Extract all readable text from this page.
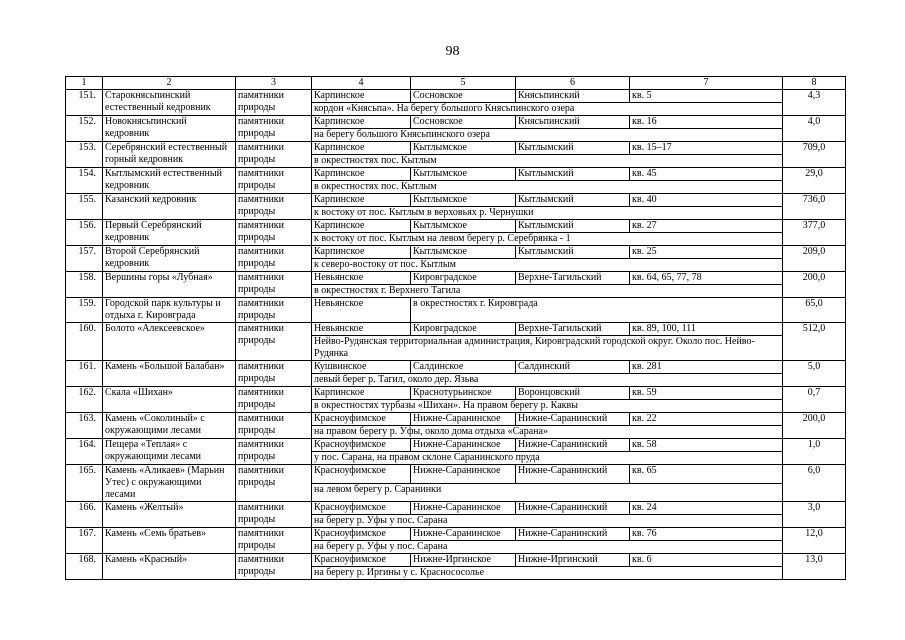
98
1	2	3	4	5	6	7	8
151.	Старокнясьпинский естественный кедровник	памятники природы	Карпинское	Сосновское	Княсьпинский	кв. 5	4,3
			кордон «Княсьпа». На берегу большого Княсьпинского озера				
152.	Новокнясьпинский кедровник	памятники природы	Карпинское	Сосновское	Княсьпинский	кв. 16	4,0
			на берегу большого Княсьпинского озера				
153.	Серебрянский естественный горный кедровник	памятники природы	Карпинское	Кытлымское	Кытлымский	кв. 15–17	709,0
			в окрестностях пос. Кытлым				
154.	Кытлымский естественный кедровник	памятники природы	Карпинское	Кытлымское	Кытлымский	кв. 45	29,0
			в окрестностях пос. Кытлым				
155.	Казанский кедровник	памятники природы	Карпинское	Кытлымское	Кытлымский	кв. 40	736,0
			к востоку от пос. Кытлым в верховьях р. Чернушки				
156.	Первый Серебрянский кедровник	памятники природы	Карпинское	Кытлымское	Кытлымский	кв. 27	377,0
			к востоку от пос. Кытлым на левом берегу р. Серебрянка - 1				
157.	Второй Серебрянский кедровник	памятники природы	Карпинское	Кытлымское	Кытлымский	кв. 25	209,0
			к северо-востоку от пос. Кытлым				
158.	Вершины горы «Лубная»	памятники природы	Невьянское	Кировградское	Верхне-Тагильский	кв. 64, 65, 77, 78	200,0
			в окрестностях г. Верхнего Тагила				
159.	Городской парк культуры и отдыха г. Кировграда	памятники природы	Невьянское	в окрестностях г. Кировграда			65,0

160.	Болото «Алексеевское»	памятники природы	Невьянское	Кировградское	Верхне-Тагильский	кв. 89, 100, 111	512,0
			Нейво-Рудянская территориальная администрация, Кировградский городской округ. Около пос. Нейво-Рудянка				
161.	Камень «Большой Балабан»	памятники природы	Кушвинское	Салдинское	Салдинский	кв. 281	5,0
			левый берег р. Тагил, около дер. Язьва				
162.	Скала «Шихан»	памятники природы	Карпинское	Краснотурьинское	Воронцовский	кв. 59	0,7
			в окрестностях турбазы «Шихан». На правом берегу р. Каквы				
163.	Камень «Соколиный» с окружающими лесами	памятники природы	Красноуфимское	Нижне-Саранинское	Нижне-Саранинский	кв. 22	200,0
			на правом берегу р. Уфы, около дома отдыха «Сарана»				
164.	Пещера «Теплая» с окружающими лесами	памятники природы	Красноуфимское	Нижне-Саранинское	Нижне-Саранинский	кв. 58	1,0
			у пос. Сарана, на правом склоне Саранинского пруда				
165.	Камень «Аликаев» (Марьин Утес) с окружающими лесами	памятники природы	Красноуфимское	Нижне-Саранинское	Нижне-Саранинский	кв. 65	6,0
			на левом берегу р. Саранинки				
166.	Камень «Желтый»	памятники природы	Красноуфимское	Нижне-Саранинское	Нижне-Саранинский	кв. 24	3,0
			на берегу р. Уфы у пос. Сарана				
167.	Камень «Семь братьев»	памятники природы	Красноуфимское	Нижне-Саранинское	Нижне-Саранинский	кв. 76	12,0
			на берегу р. Уфы у пос. Сарана				
168.	Камень «Красный»	памятники природы	Красноуфимское	Нижне-Иргинское	Нижне-Иргинский	кв. 6	13,0
			на берегу р. Иргины у с. Краснососолье				
